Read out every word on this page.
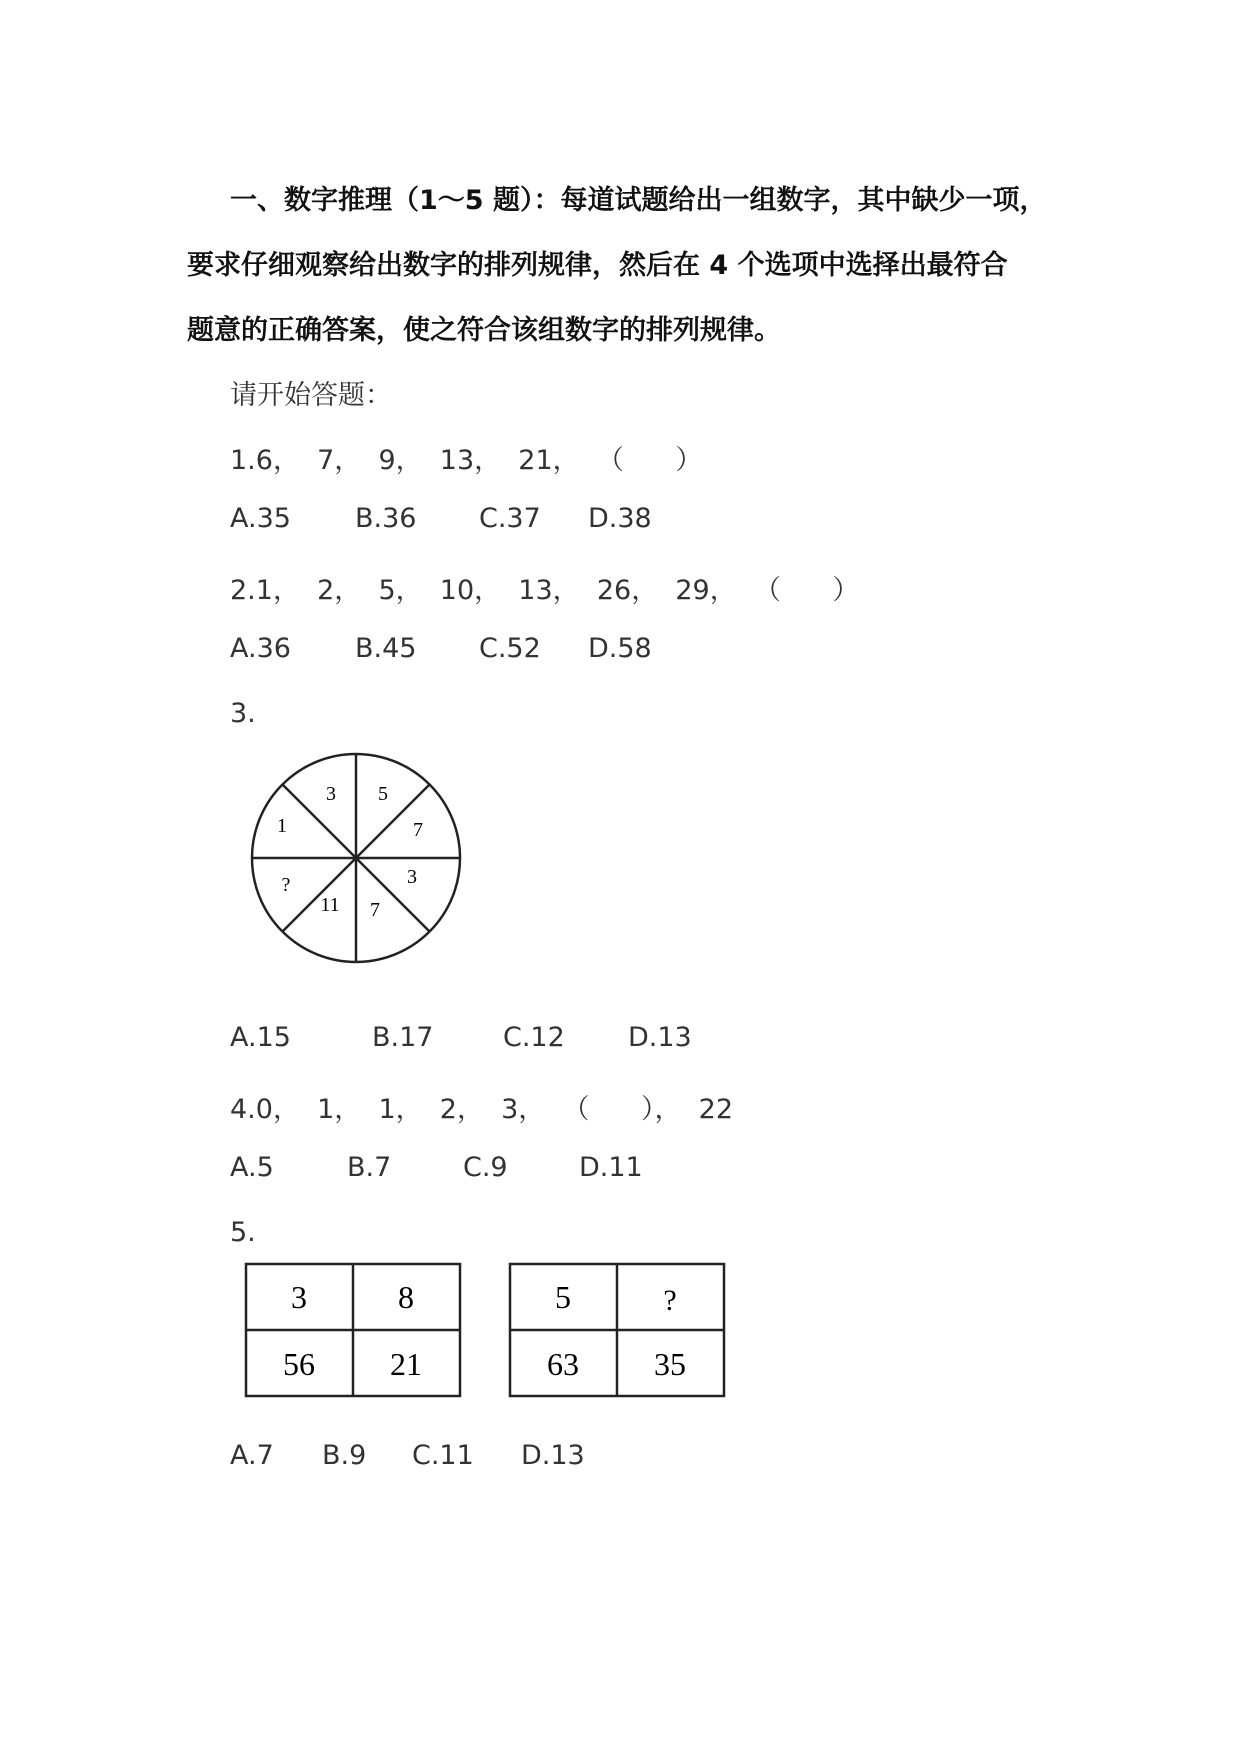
一、数字推理（1～5 题）：每道试题给出一组数字，其中缺少一项，
要求仔细观察给出数字的排列规律，然后在 4 个选项中选择出最符合
题意的正确答案，使之符合该组数字的排列规律。
请开始答题：
1.6，  7，  9，  13，  21，  （      ）
A.35 B.36 C.37 D.38
2.1，  2，  5，  10，  13，  26，  29，  （      ）
A.36 B.45 C.52 D.58
3.
3 5
1	7
?	3
11 7
A.15	B.17	C.12 D.13
4.0，  1，  1，  2，  3，  （      ），  22
A.5	B.7	C.9	D.11
5.
3	8
56 21
5	?
63 35
A.7 B.9 C.11 D.13
